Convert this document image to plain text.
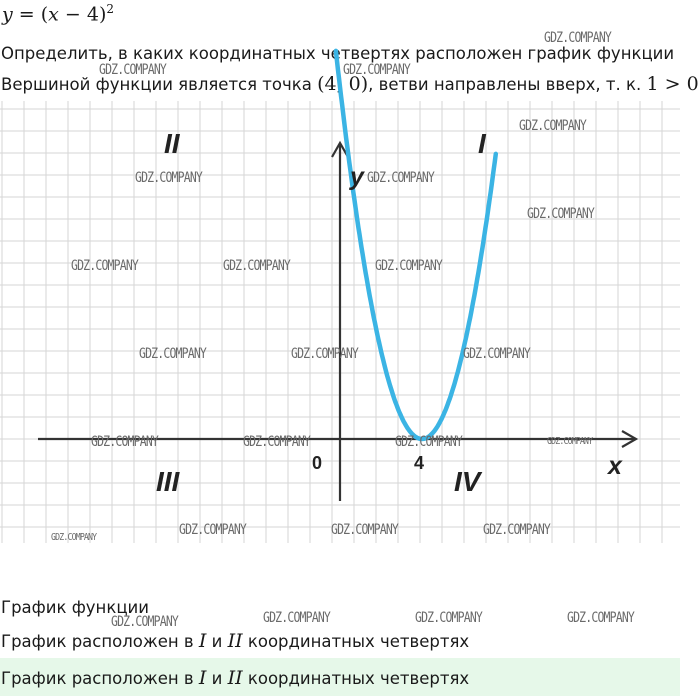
$y = (x - 4)^2$
Определить, в каких координатных четвертях расположен график функции
Вершиной функции является точка (4, 0), ветви направлены вверх, т. к. 1 > 0
y
x
0	4
I
II
III	IV
График функции
График расположен в I и II координатных четвертях
График расположен в I и II координатных четвертях
GDZ.COMPANY
GDZ.COMPANY	GDZ.COMPANY
GDZ.COMPANY
GDZ.COMPANY	GDZ.COMPANY
GDZ.COMPANY
GDZ.COMPANY	GDZ.COMPANY	GDZ.COMPANY
GDZ.COMPANY	GDZ.COMPANY	GDZ.COMPANY
GDZ.COMPANY	GDZ.COMPANY	GDZ.COMPANY	GDZ.COMPANY
GDZ.COMPANY	GDZ.COMPANY	GDZ.COMPANY	GDZ.COMPANY
GDZ.COMPANY	GDZ.COMPANY	GDZ.COMPANY	GDZ.COMPANY
